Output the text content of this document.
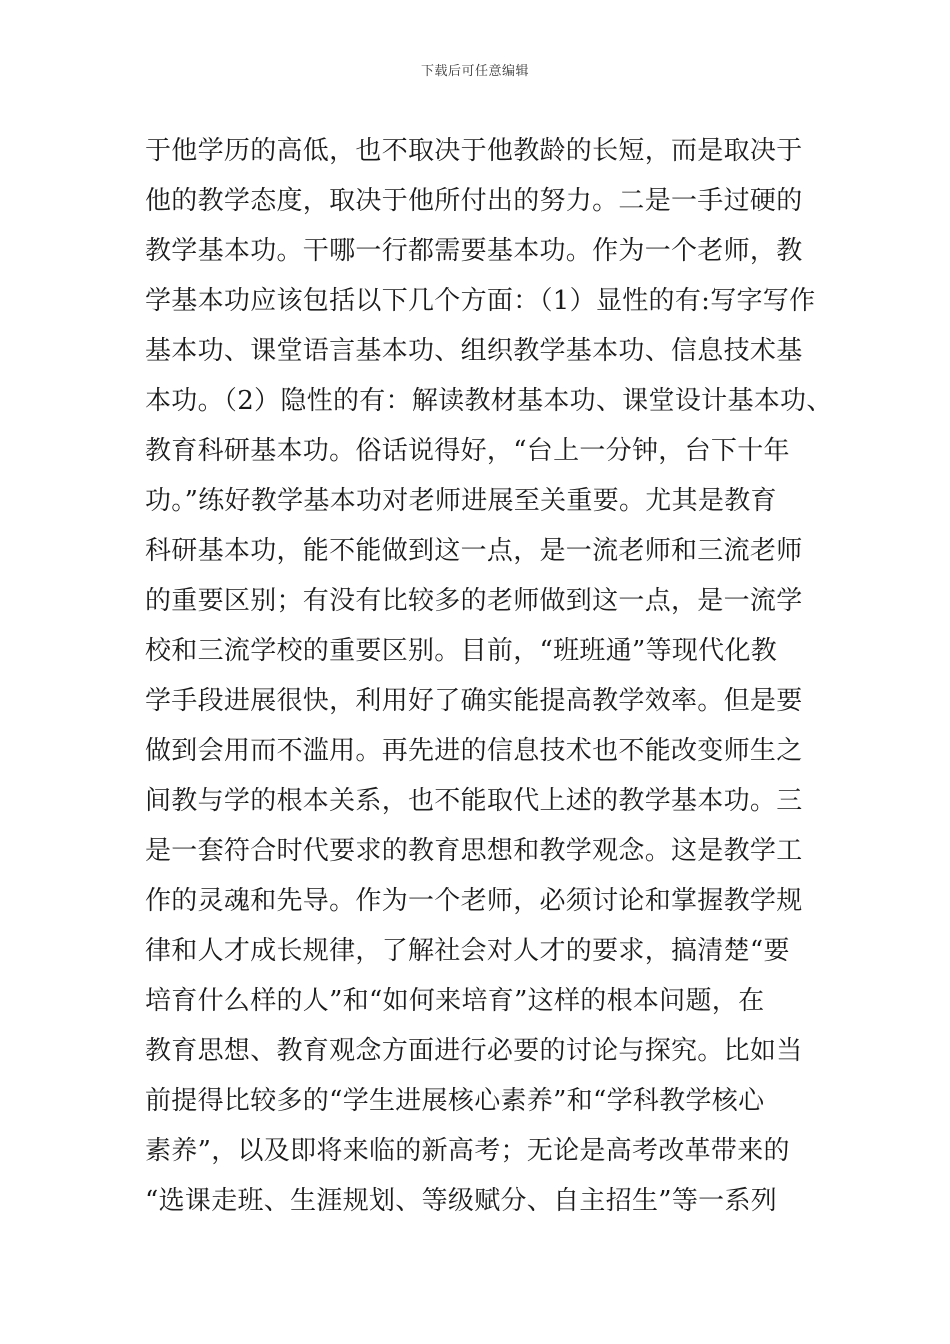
下载后可任意编辑
于他学历的高低，也不取决于他教龄的长短，而是取决于
他的教学态度，取决于他所付出的努力。二是一手过硬的
教学基本功。干哪一行都需要基本功。作为一个老师，教
学基本功应该包括以下几个方面：（1）显性的有:写字写作
基本功、课堂语言基本功、组织教学基本功、信息技术基
本功。（2）隐性的有：解读教材基本功、课堂设计基本功、
教育科研基本功。俗话说得好，“台上一分钟，台下十年
功。”练好教学基本功对老师进展至关重要。尤其是教育
科研基本功，能不能做到这一点，是一流老师和三流老师
的重要区别；有没有比较多的老师做到这一点，是一流学
校和三流学校的重要区别。目前，“班班通”等现代化教
学手段进展很快，利用好了确实能提高教学效率。但是要
做到会用而不滥用。再先进的信息技术也不能改变师生之
间教与学的根本关系，也不能取代上述的教学基本功。三
是一套符合时代要求的教育思想和教学观念。这是教学工
作的灵魂和先导。作为一个老师，必须讨论和掌握教学规
律和人才成长规律，了解社会对人才的要求，搞清楚“要
培育什么样的人”和“如何来培育”这样的根本问题，在
教育思想、教育观念方面进行必要的讨论与探究。比如当
前提得比较多的“学生进展核心素养”和“学科教学核心
素养”，以及即将来临的新高考；无论是高考改革带来的
“选课走班、生涯规划、等级赋分、自主招生”等一系列
